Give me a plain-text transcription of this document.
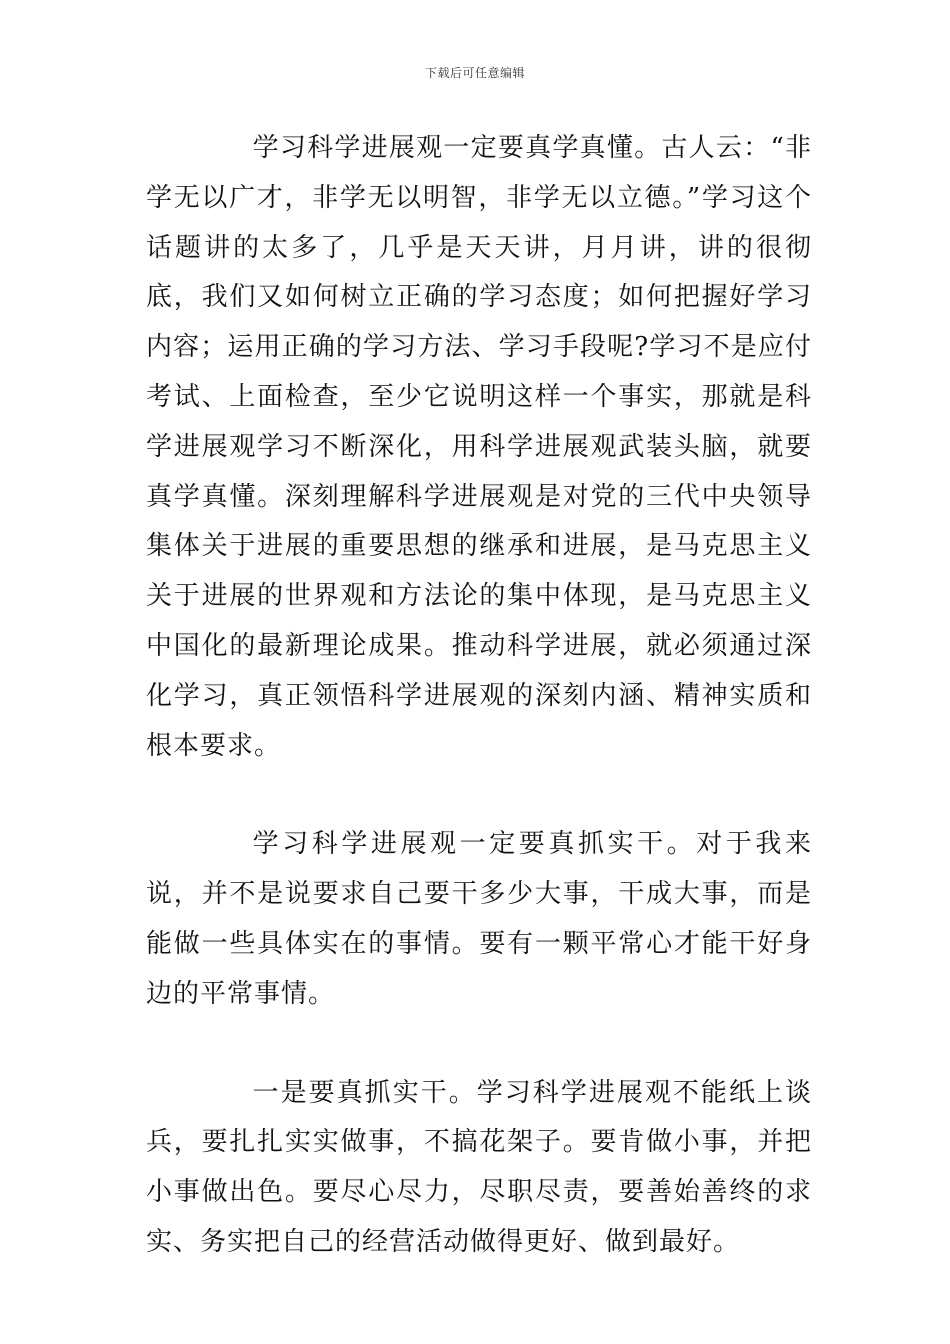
下载后可任意编辑

学习科学进展观一定要真学真懂。古人云：“非学无以广才，非学无以明智，非学无以立德。”学习这个话题讲的太多了，几乎是天天讲，月月讲，讲的很彻底，我们又如何树立正确的学习态度；如何把握好学习内容；运用正确的学习方法、学习手段呢?学习不是应付考试、上面检查，至少它说明这样一个事实，那就是科学进展观学习不断深化，用科学进展观武装头脑，就要真学真懂。深刻理解科学进展观是对党的三代中央领导集体关于进展的重要思想的继承和进展，是马克思主义关于进展的世界观和方法论的集中体现，是马克思主义中国化的最新理论成果。推动科学进展，就必须通过深化学习，真正领悟科学进展观的深刻内涵、精神实质和根本要求。

学习科学进展观一定要真抓实干。对于我来说，并不是说要求自己要干多少大事，干成大事，而是能做一些具体实在的事情。要有一颗平常心才能干好身边的平常事情。

一是要真抓实干。学习科学进展观不能纸上谈兵，要扎扎实实做事，不搞花架子。要肯做小事，并把小事做出色。要尽心尽力，尽职尽责，要善始善终的求实、务实把自己的经营活动做得更好、做到最好。
